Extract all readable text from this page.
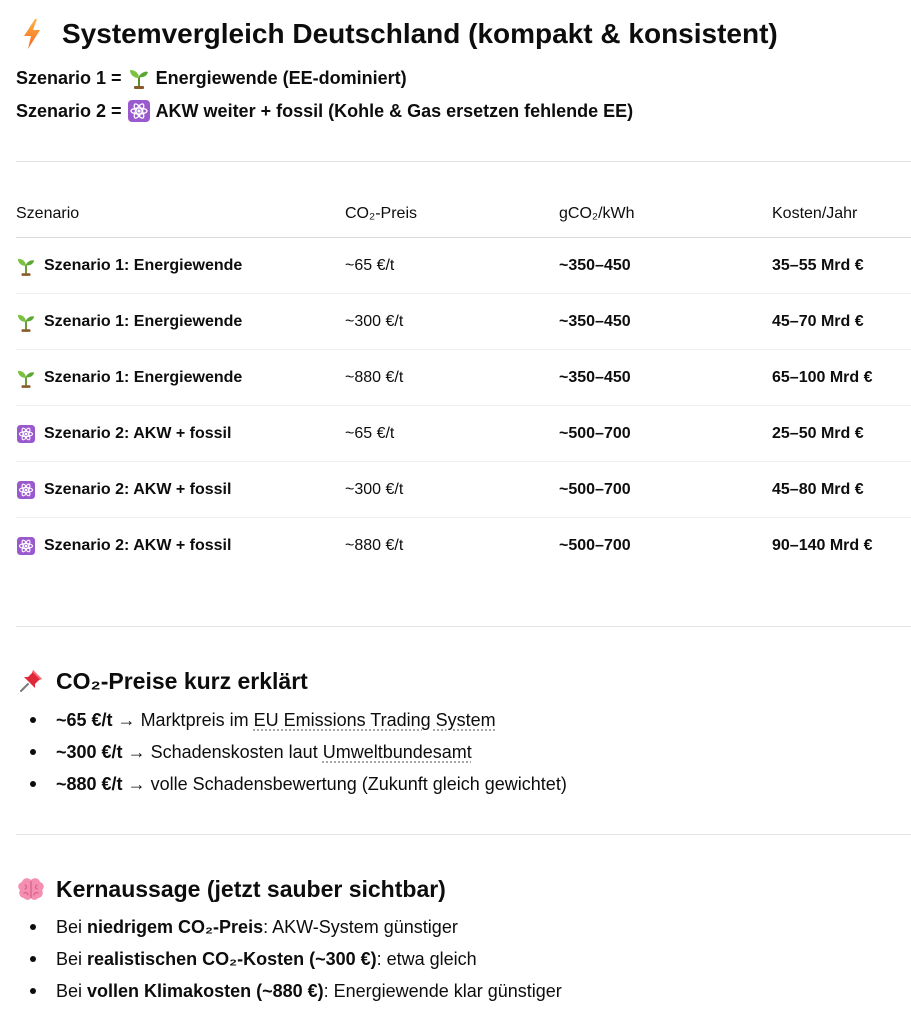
Systemvergleich Deutschland (kompakt & konsistent)
Szenario 1 = Energiewende (EE-dominiert)
Szenario 2 = AKW weiter + fossil (Kohle & Gas ersetzen fehlende EE)
Szenario	CO₂-Preis	gCO₂/kWh	Kosten/Jahr

Szenario 1: Energiewende	~65 €/t	~350–450	35–55 Mrd €

Szenario 1: Energiewende	~300 €/t	~350–450	45–70 Mrd €

Szenario 1: Energiewende	~880 €/t	~350–450	65–100 Mrd €

Szenario 2: AKW + fossil	~65 €/t	~500–700	25–50 Mrd €

Szenario 2: AKW + fossil	~300 €/t	~500–700	45–80 Mrd €

Szenario 2: AKW + fossil	~880 €/t	~500–700	90–140 Mrd €
CO₂-Preise kurz erklärt
~65 €/t → Marktpreis im EU Emissions Trading System
~300 €/t → Schadenskosten laut Umweltbundesamt
~880 €/t → volle Schadensbewertung (Zukunft gleich gewichtet)
Kernaussage (jetzt sauber sichtbar)
Bei niedrigem CO₂-Preis: AKW-System günstiger
Bei realistischen CO₂-Kosten (~300 €): etwa gleich
Bei vollen Klimakosten (~880 €): Energiewende klar günstiger
